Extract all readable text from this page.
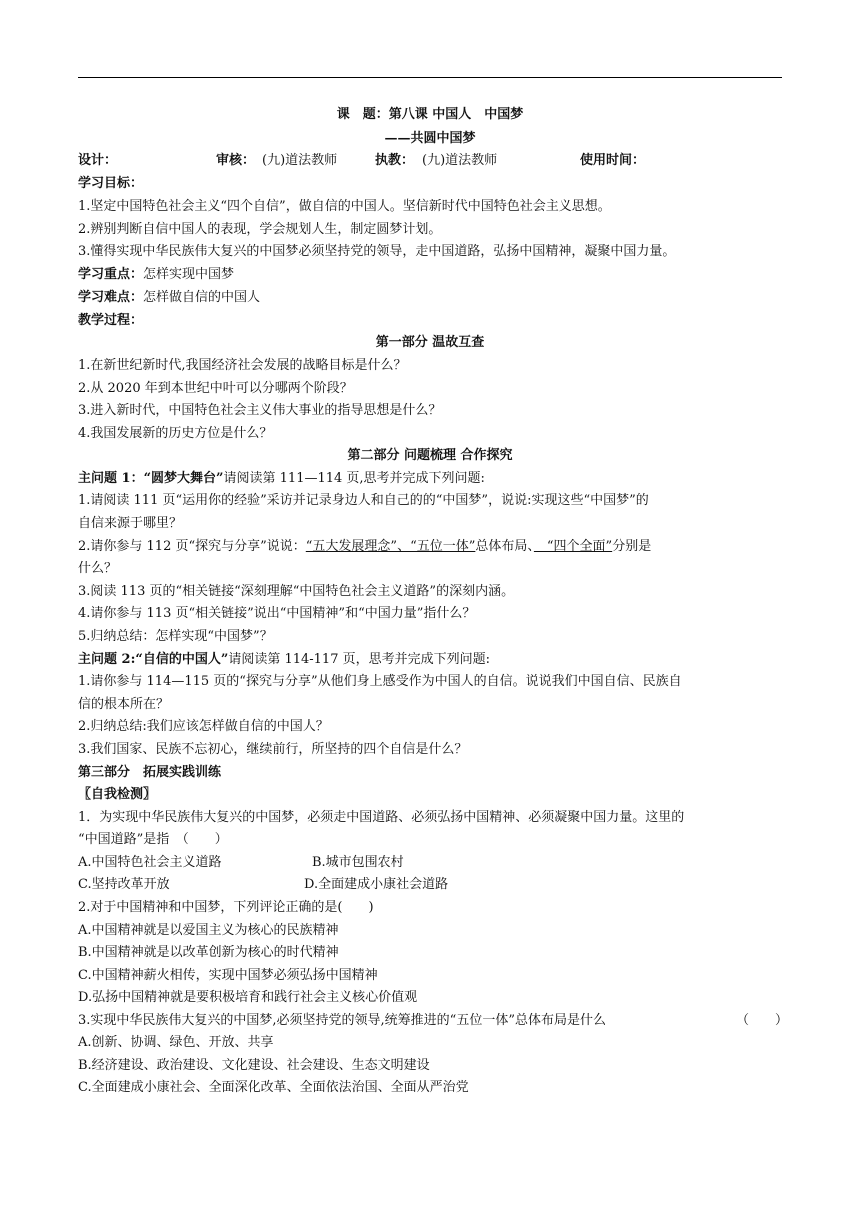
课　题：第八课 中国人　中国梦
——共圆中国梦
设计：	审核： (九)道法教师	执教： (九)道法教师	使用时间：
学习目标：
1.坚定中国特色社会主义“四个自信”，做自信的中国人。坚信新时代中国特色社会主义思想。
2.辨别判断自信中国人的表现，学会规划人生，制定圆梦计划。
3.懂得实现中华民族伟大复兴的中国梦必须坚持党的领导，走中国道路，弘扬中国精神，凝聚中国力量。
学习重点：怎样实现中国梦
学习难点：怎样做自信的中国人
教学过程：
第一部分 温故互查
1.在新世纪新时代,我国经济社会发展的战略目标是什么？
2.从 2020 年到本世纪中叶可以分哪两个阶段？
3.进入新时代，中国特色社会主义伟大事业的指导思想是什么？
4.我国发展新的历史方位是什么？
第二部分 问题梳理 合作探究
主问题 1：“圆梦大舞台”请阅读第 111—114 页,思考并完成下列问题:
1.请阅读 111 页“运用你的经验”采访并记录身边人和自己的的“中国梦”，说说:实现这些“中国梦”的
自信来源于哪里？
2.请你参与 112 页“探究与分享”说说：“五大发展理念”、“五位一体”总体布局、　“四个全面”分别是
什么？
3.阅读 113 页的“相关链接“深刻理解“中国特色社会主义道路”的深刻内涵。
4.请你参与 113 页“相关链接”说出“中国精神”和“中国力量”指什么？
5.归纳总结：怎样实现“中国梦”？
主问题 2:“自信的中国人”请阅读第 114-117 页，思考并完成下列问题:
1.请你参与 114—115 页的“探究与分享”从他们身上感受作为中国人的自信。说说我们中国自信、民族自
信的根本所在？
2.归纳总结:我们应该怎样做自信的中国人？
3.我们国家、民族不忘初心，继续前行，所坚持的四个自信是什么？
第三部分　拓展实践训练
〖自我检测〗
1．为实现中华民族伟大复兴的中国梦，必须走中国道路、必须弘扬中国精神、必须凝聚中国力量。这里的
“中国道路”是指　（　　）
A.中国特色社会主义道路	B.城市包围农村
C.坚持改革开放	D.全面建成小康社会道路
2.对于中国精神和中国梦，下列评论正确的是(　　)
A.中国精神就是以爱国主义为核心的民族精神
B.中国精神就是以改革创新为核心的时代精神
C.中国精神薪火相传，实现中国梦必须弘扬中国精神
D.弘扬中国精神就是要积极培育和践行社会主义核心价值观
3.实现中华民族伟大复兴的中国梦,必须坚持党的领导,统筹推进的“五位一体”总体布局是什么	（　　）
A.创新、协调、绿色、开放、共享
B.经济建设、政治建设、文化建设、社会建设、生态文明建设
C.全面建成小康社会、全面深化改革、全面依法治国、全面从严治党
